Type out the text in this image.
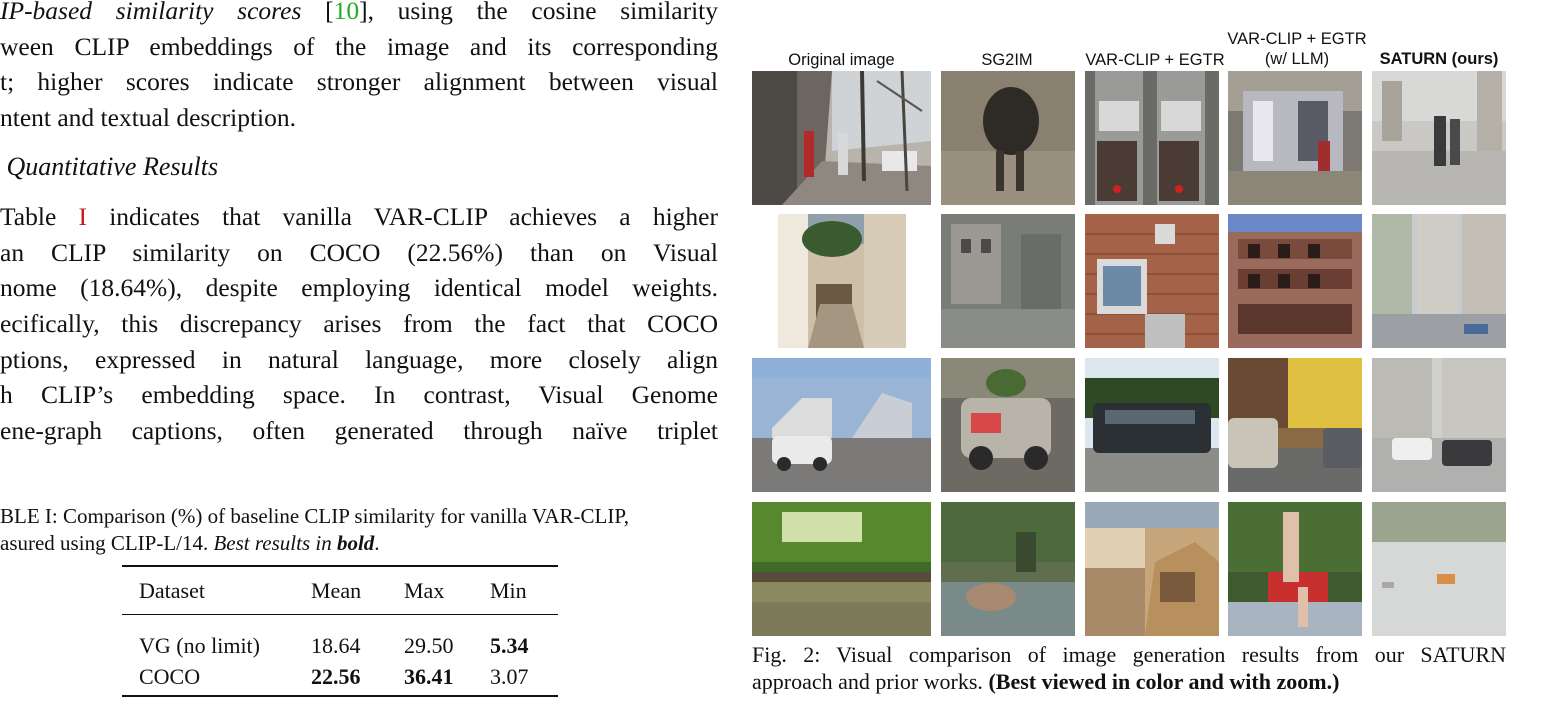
IP-based similarity scores [10], using the cosine similarity
ween CLIP embeddings of the image and its corresponding
t; higher scores indicate stronger alignment between visual
ntent and textual description.
Quantitative Results
Table I indicates that vanilla VAR-CLIP achieves a higher
an CLIP similarity on COCO (22.56%) than on Visual
nome (18.64%), despite employing identical model weights.
ecifically, this discrepancy arises from the fact that COCO
ptions, expressed in natural language, more closely align
h CLIP’s embedding space. In contrast, Visual Genome
ene-graph captions, often generated through naïve triplet
BLE I: Comparison (%) of baseline CLIP similarity for vanilla VAR-CLIP,
asured using CLIP-L/14. Best results in bold.
Dataset	Mean	Max	Min
VG (no limit)	18.64	29.50	5.34
COCO	22.56	36.41	3.07
Original image	SG2IM	VAR-CLIP + EGTR
VAR-CLIP + EGTR
(w/ LLM)	SATURN (ours)
Fig. 2: Visual comparison of image generation results from our SATURN
approach and prior works. (Best viewed in color and with zoom.)
